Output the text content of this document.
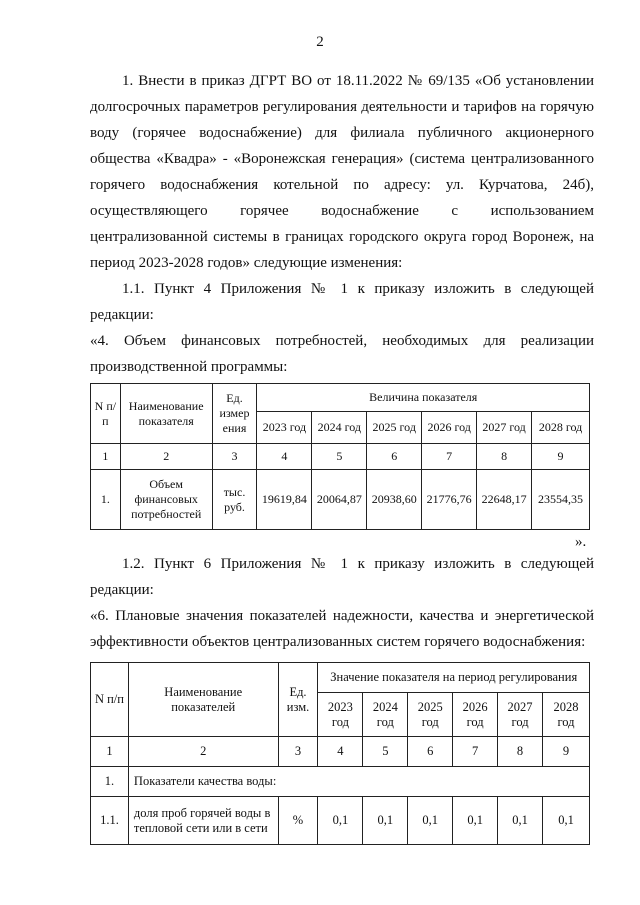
2
1. Внести в приказ ДГРТ ВО от 18.11.2022 № 69/135 «Об установлении
долгосрочных параметров регулирования деятельности и тарифов на горячую
воду (горячее водоснабжение) для филиала публичного акционерного
общества «Квадра» - «Воронежская генерация» (система централизованного
горячего водоснабжения котельной по адресу: ул. Курчатова, 24б),
осуществляющего горячее водоснабжение с использованием
централизованной системы в границах городского округа город Воронеж, на
период 2023-2028 годов» следующие изменения:
1.1. Пункт 4 Приложения № 1 к приказу изложить в следующей
редакции:
«4. Объем финансовых потребностей, необходимых для реализации
производственной программы:
N п/п	Наименование показателя	Ед. измер ения	Величина показателя					
			2023 год	2024 год	2025 год	2026 год	2027 год	2028 год
1	2	3	4	5	6	7	8	9
1.	Объем финансовых потребностей	тыс. руб.	19619,84	20064,87	20938,60	21776,76	22648,17	23554,35
».
1.2. Пункт 6 Приложения № 1 к приказу изложить в следующей
редакции:
«6. Плановые значения показателей надежности, качества и энергетической
эффективности объектов централизованных систем горячего водоснабжения:
N п/п	Наименование показателей	Ед. изм.	Значение показателя на период регулирования					
			2023 год	2024 год	2025 год	2026 год	2027 год	2028 год
1	2	3	4	5	6	7	8	9
1.	Показатели качества воды:							
1.1.	доля проб горячей воды в тепловой сети или в сети	%	0,1	0,1	0,1	0,1	0,1	0,1
